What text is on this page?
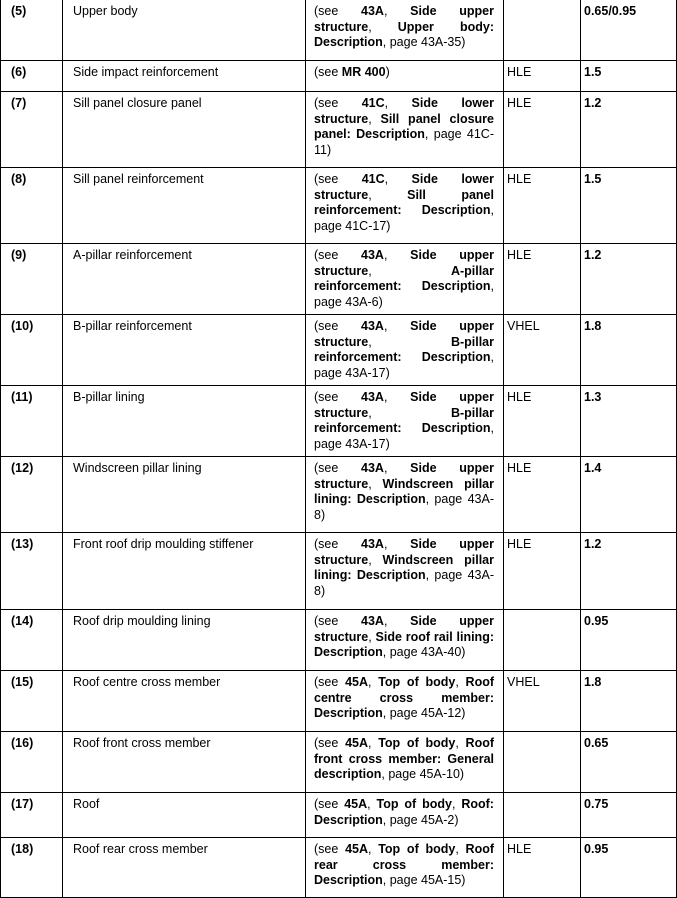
(5)	Upper body	(see 43A, Side upper structure, Upper body: Description, page 43A-35)		0.65/0.95
(6)	Side impact reinforcement	(see MR 400)	HLE	1.5
(7)	Sill panel closure panel	(see 41C, Side lower structure, Sill panel closure panel: Description, page 41C-11)	HLE	1.2
(8)	Sill panel reinforcement	(see 41C, Side lower structure, Sill panel reinforcement: Description, page 41C-17)	HLE	1.5
(9)	A-pillar reinforcement	(see 43A, Side upper structure, A-pillar reinforcement: Description, page 43A-6)	HLE	1.2
(10)	B-pillar reinforcement	(see 43A, Side upper structure, B-pillar reinforcement: Description, page 43A-17)	VHEL	1.8
(11)	B-pillar lining	(see 43A, Side upper structure, B-pillar reinforcement: Description, page 43A-17)	HLE	1.3
(12)	Windscreen pillar lining	(see 43A, Side upper structure, Windscreen pillar lining: Description, page 43A-8)	HLE	1.4
(13)	Front roof drip moulding stiffener	(see 43A, Side upper structure, Windscreen pillar lining: Description, page 43A-8)	HLE	1.2
(14)	Roof drip moulding lining	(see 43A, Side upper structure, Side roof rail lining: Description, page 43A-40)		0.95
(15)	Roof centre cross member	(see 45A, Top of body, Roof centre cross member: Description, page 45A-12)	VHEL	1.8
(16)	Roof front cross member	(see 45A, Top of body, Roof front cross member: General description, page 45A-10)		0.65
(17)	Roof	(see 45A, Top of body, Roof: Description, page 45A-2)		0.75
(18)	Roof rear cross member	(see 45A, Top of body, Roof rear cross member: Description, page 45A-15)	HLE	0.95
